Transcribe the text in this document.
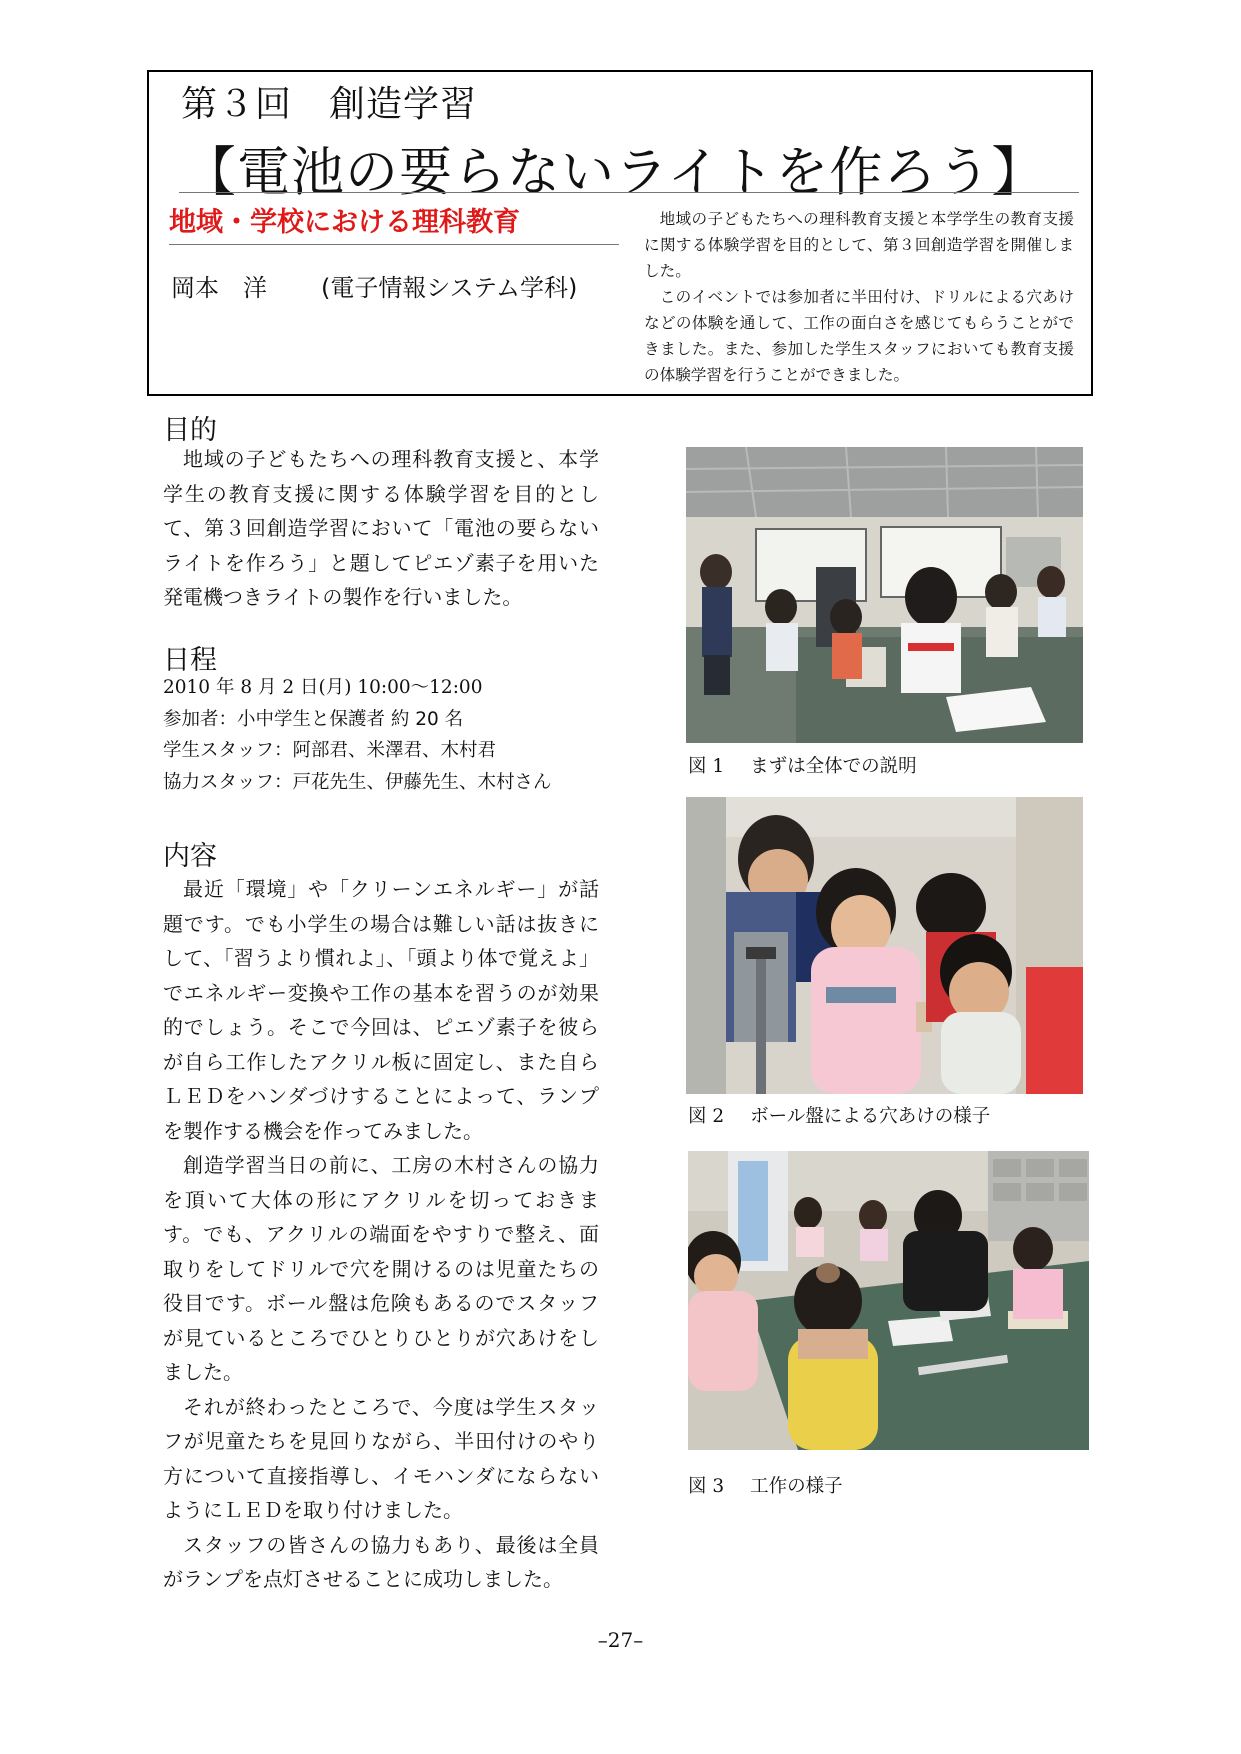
第３回　創造学習
【電池の要らないライトを作ろう】
地域・学校における理科教育
岡本　洋 (電子情報システム学科)

地域の子どもたちへの理科教育支援と本学学生の教育支援に関する体験学習を目的として、第３回創造学習を開催しました。

このイベントでは参加者に半田付け、ドリルによる穴あけなどの体験を通して、工作の面白さを感じてもらうことができました。また、参加した学生スタッフにおいても教育支援の体験学習を行うことができました。

目的

地域の子どもたちへの理科教育支援と、本学学生の教育支援に関する体験学習を目的として、第３回創造学習において「電池の要らないライトを作ろう」と題してピエゾ素子を用いた発電機つきライトの製作を行いました。

日程
2010 年 8 月 2 日(月) 10:00〜12:00
参加者：小中学生と保護者 約 20 名
学生スタッフ：阿部君、米澤君、木村君
協力スタッフ：戸花先生、伊藤先生、木村さん
内容

最近「環境」や「クリーンエネルギー」が話題です。でも小学生の場合は難しい話は抜きにして、「習うより慣れよ」、「頭より体で覚えよ」でエネルギー変換や工作の基本を習うのが効果的でしょう。そこで今回は、ピエゾ素子を彼らが自ら工作したアクリル板に固定し、また自らＬＥＤをハンダづけすることによって、ランプを製作する機会を作ってみました。

創造学習当日の前に、工房の木村さんの協力を頂いて大体の形にアクリルを切っておきます。でも、アクリルの端面をやすりで整え、面取りをしてドリルで穴を開けるのは児童たちの役目です。ボール盤は危険もあるのでスタッフが見ているところでひとりひとりが穴あけをしました。

それが終わったところで、今度は学生スタッフが児童たちを見回りながら、半田付けのやり方について直接指導し、イモハンダにならないようにＬＥＤを取り付けました。

スタッフの皆さんの協力もあり、最後は全員がランプを点灯させることに成功しました。

図 1 まずは全体での説明
図 2 ボール盤による穴あけの様子
図 3 工作の様子
–27–
